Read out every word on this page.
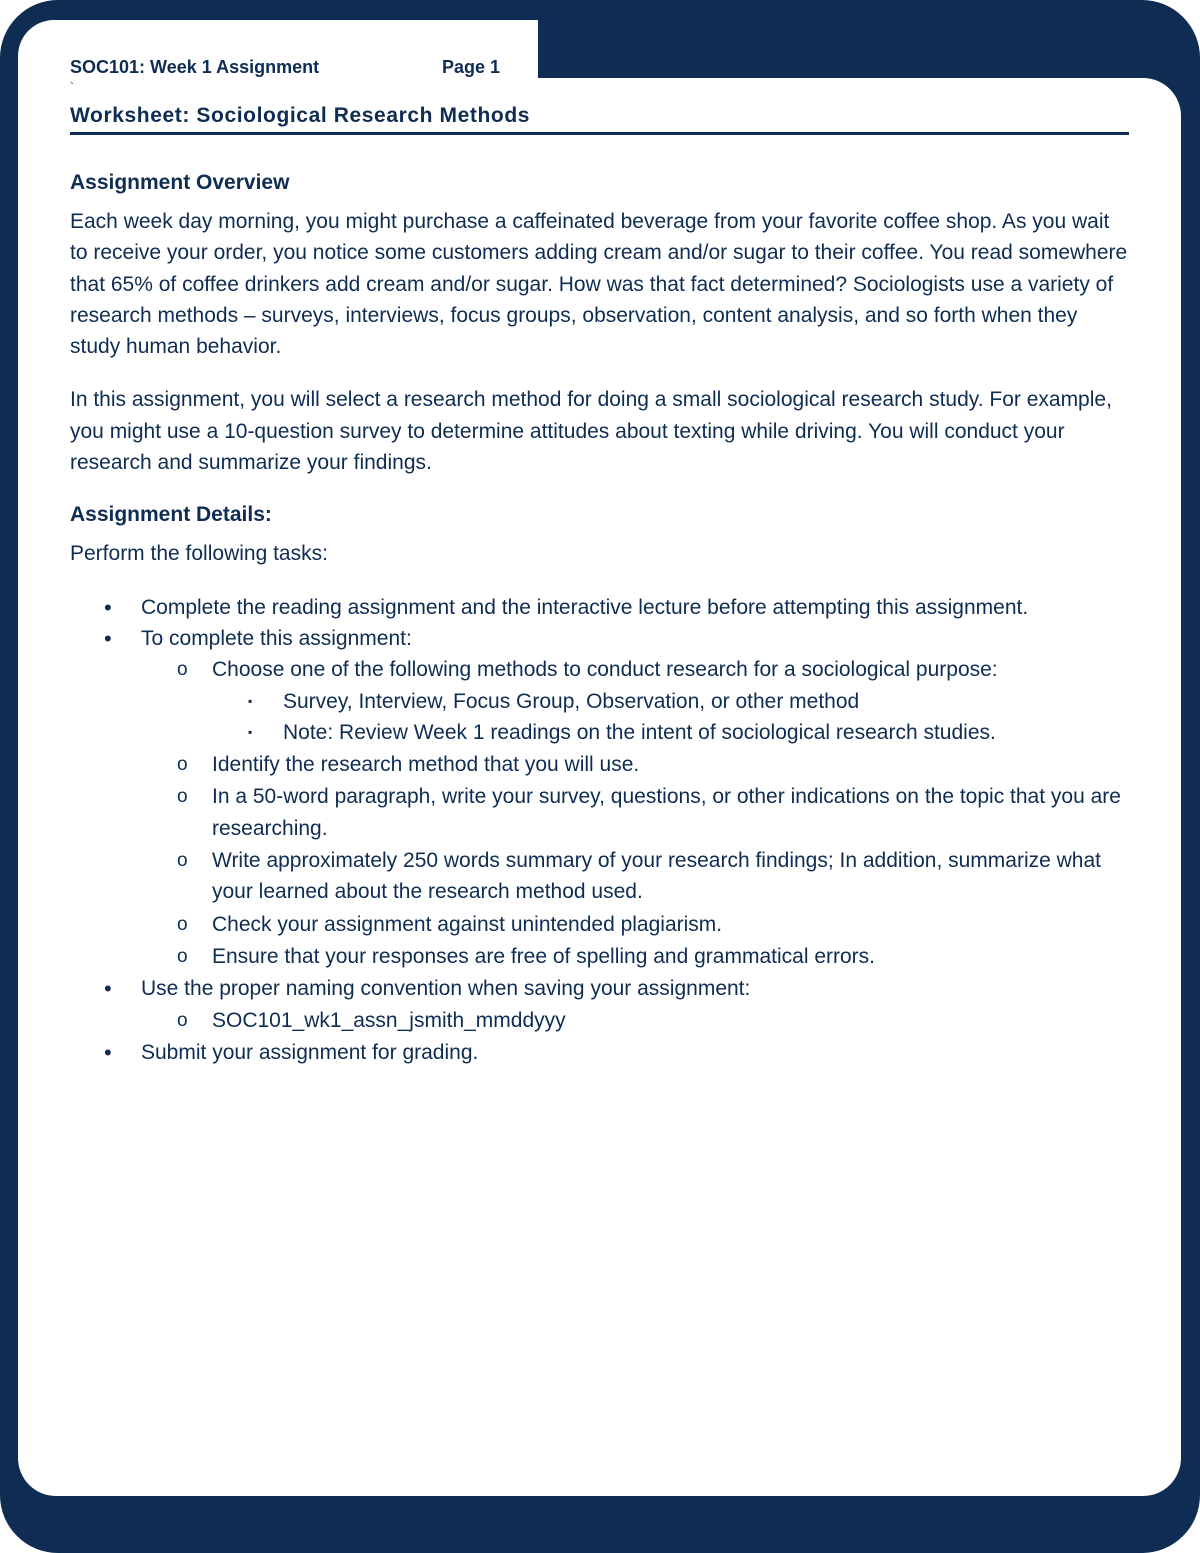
SOC101: Week 1 Assignment	Page 1
`
Worksheet: Sociological Research Methods
Assignment Overview

Each week day morning, you might purchase a caffeinated beverage from your favorite coffee shop. As you wait to receive your order, you notice some customers adding cream and/or sugar to their coffee. You read somewhere that 65% of coffee drinkers add cream and/or sugar. How was that fact determined? Sociologists use a variety of research methods – surveys, interviews, focus groups, observation, content analysis, and so forth when they study human behavior.

In this assignment, you will select a research method for doing a small sociological research study. For example, you might use a 10-question survey to determine attitudes about texting while driving. You will conduct your research and summarize your findings.

Assignment Details:

Perform the following tasks:

• Complete the reading assignment and the interactive lecture before attempting this assignment.
• To complete this assignment:
o Choose one of the following methods to conduct research for a sociological purpose:
▪ Survey, Interview, Focus Group, Observation, or other method
▪ Note: Review Week 1 readings on the intent of sociological research studies.
o Identify the research method that you will use.
o In a 50-word paragraph, write your survey, questions, or other indications on the topic that you are researching.
o Write approximately 250 words summary of your research findings; In addition, summarize what your learned about the research method used.
o Check your assignment against unintended plagiarism.
o Ensure that your responses are free of spelling and grammatical errors.
• Use the proper naming convention when saving your assignment:
o SOC101_wk1_assn_jsmith_mmddyyy
• Submit your assignment for grading.
